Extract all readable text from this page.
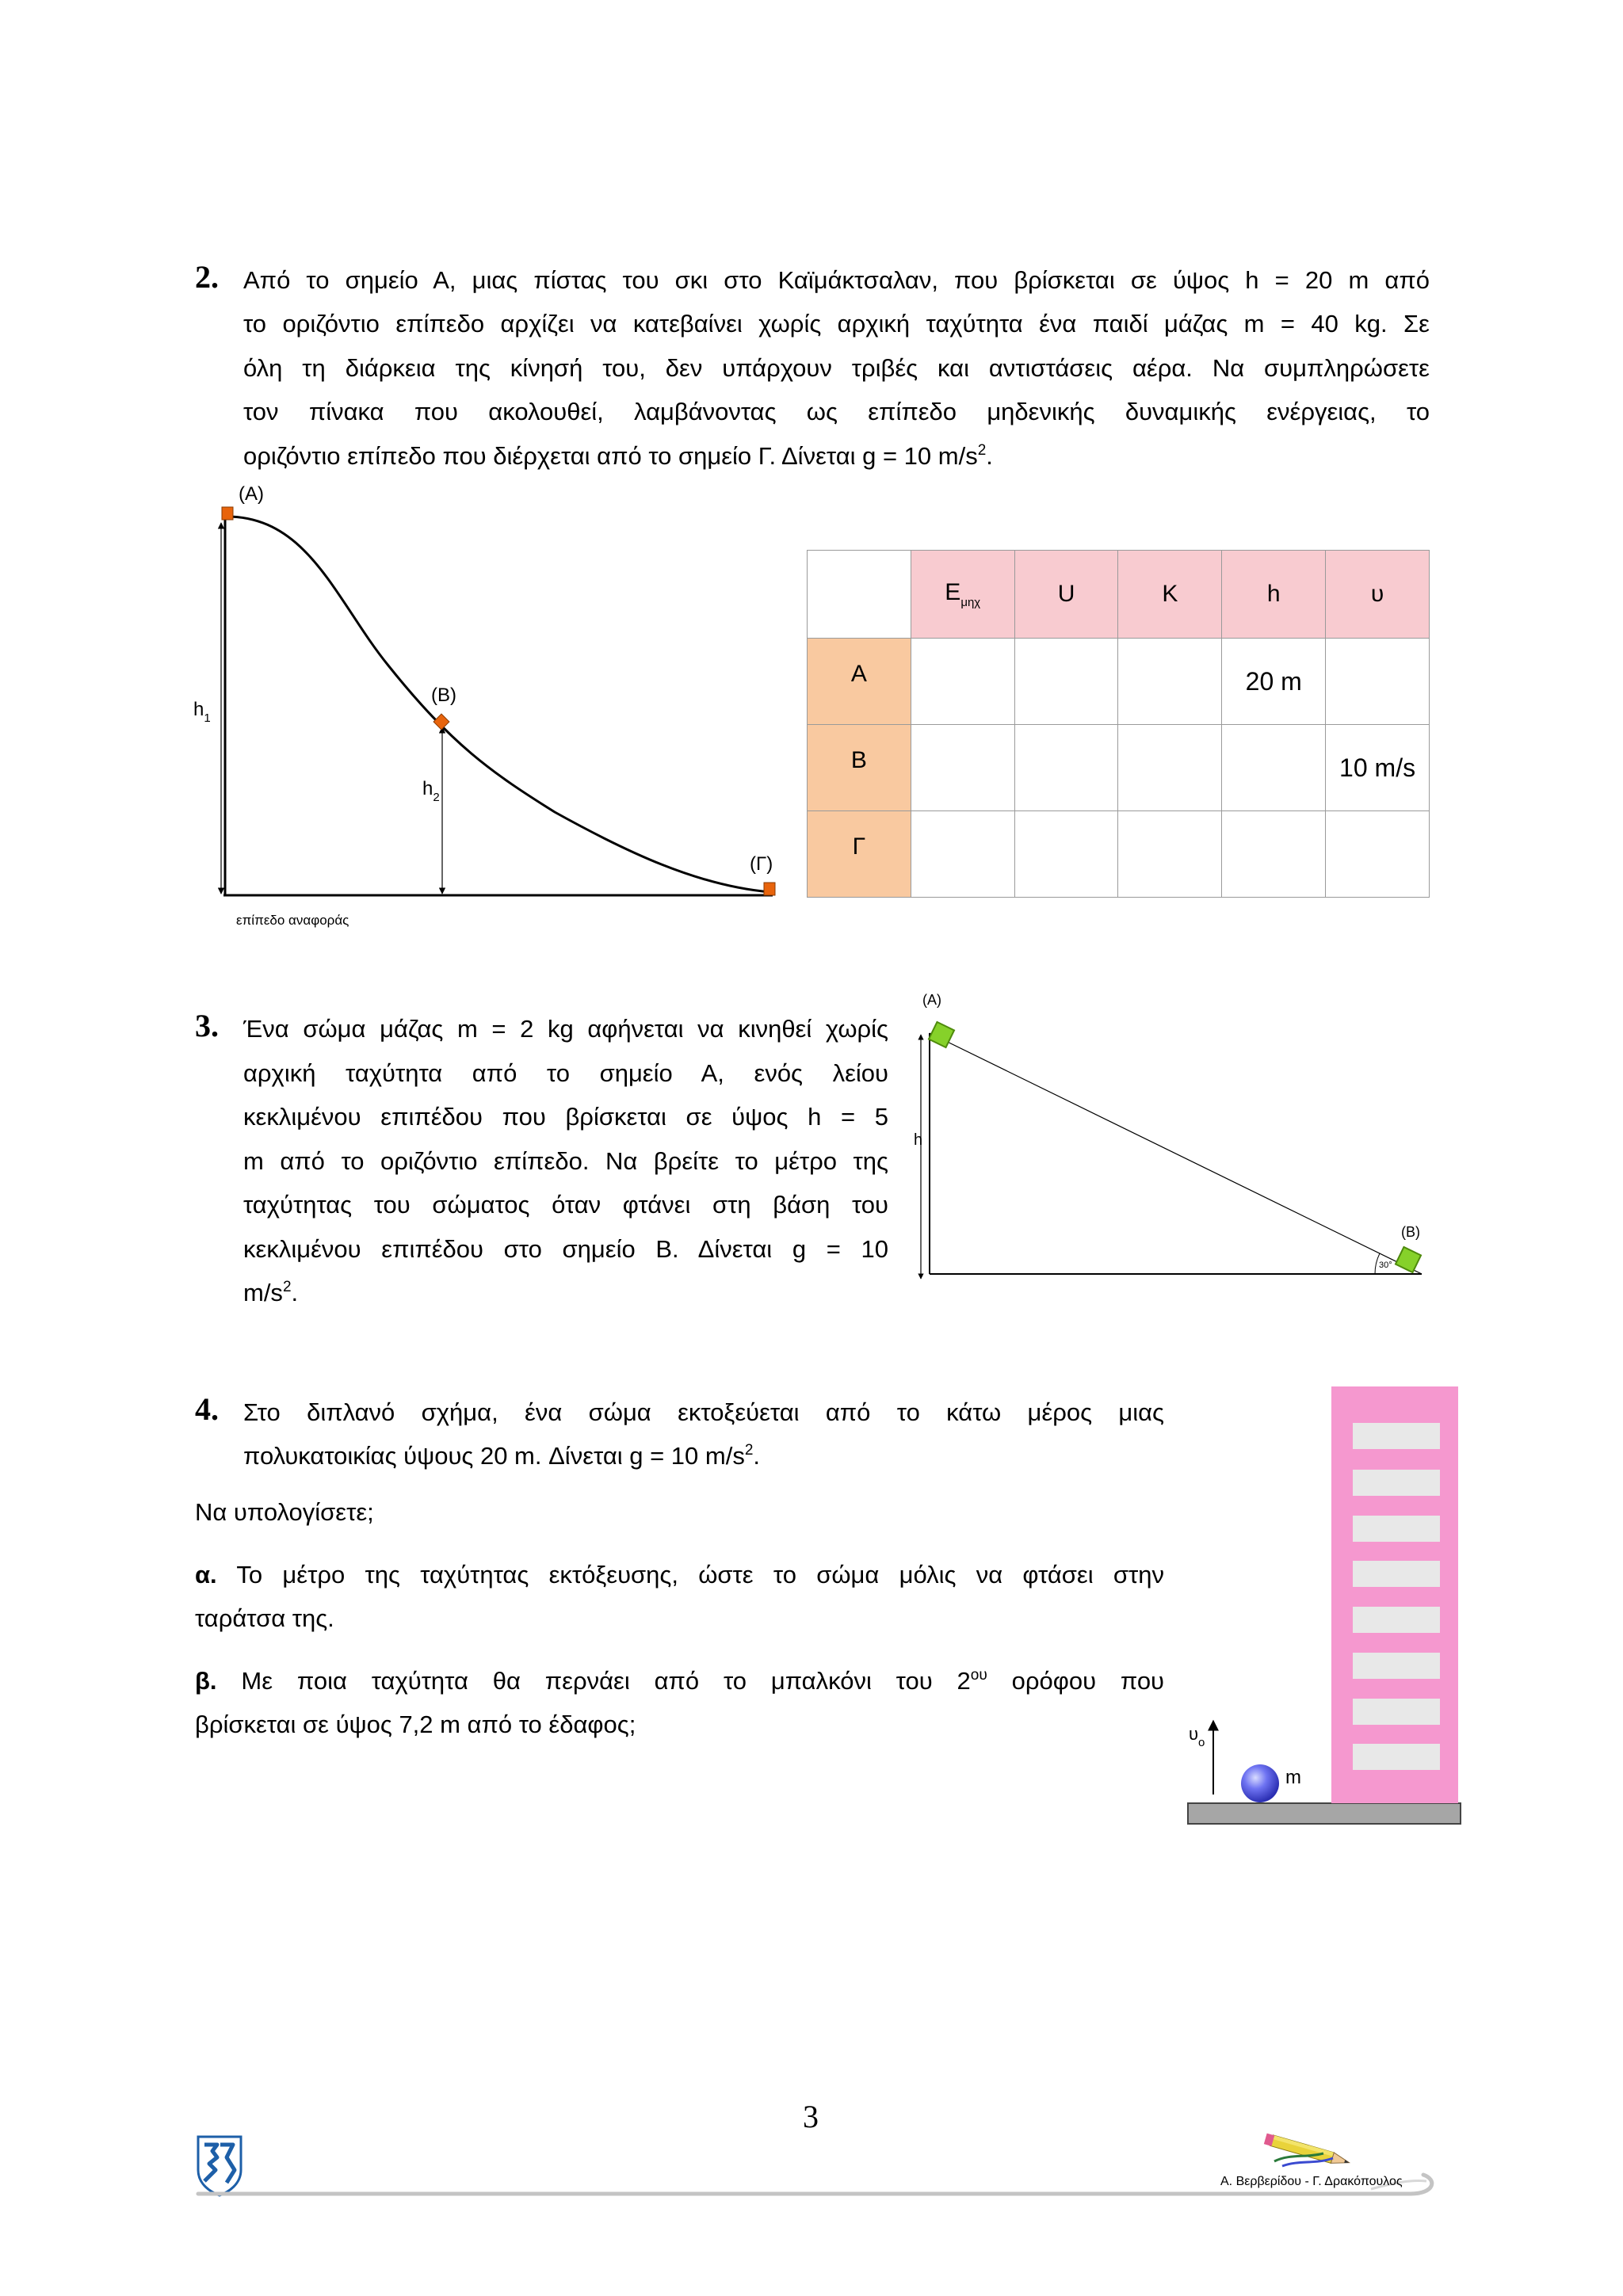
2. Από το σημείο Α, μιας πίστας του σκι στο Καϊμάκτσαλαν, που βρίσκεται σε ύψος h = 20 m από
το οριζόντιο επίπεδο αρχίζει να κατεβαίνει χωρίς αρχική ταχύτητα ένα παιδί μάζας m = 40 kg. Σε
όλη τη διάρκεια της κίνησή του, δεν υπάρχουν τριβές και αντιστάσεις αέρα. Να συμπληρώσετε
τον πίνακα που ακολουθεί, λαμβάνοντας ως επίπεδο μηδενικής δυναμικής ενέργειας, το
οριζόντιο επίπεδο που διέρχεται από το σημείο Γ. Δίνεται g = 10 $m/s^2$.
(Α)
(Β)
(Γ)
$h_1$
$h_2$
επίπεδο αναφοράς
	$E_{\mu\eta\chi}$	U	K	h	υ
Α				20 m	
Β					10 m/s
Γ					
3. Ένα σώμα μάζας m = 2 kg αφήνεται να κινηθεί χωρίς
αρχική ταχύτητα από το σημείο Α, ενός λείου
κεκλιμένου επιπέδου που βρίσκεται σε ύψος h = 5
m από το οριζόντιο επίπεδο. Να βρείτε το μέτρο της
ταχύτητας του σώματος όταν φτάνει στη βάση του
κεκλιμένου επιπέδου στο σημείο Β. Δίνεται g = 10
$m/s^2$.
(Α)
(Β)
h
30°
4. Στο διπλανό σχήμα, ένα σώμα εκτοξεύεται από το κάτω μέρος μιας
πολυκατοικίας ύψους 20 m. Δίνεται g = 10 $m/s^2$.
Να υπολογίσετε;
α. Το μέτρο της ταχύτητας εκτόξευσης, ώστε το σώμα μόλις να φτάσει στην
ταράτσα της.
β. Με ποια ταχύτητα θα περνάει από το μπαλκόνι του $2^{o\upsilon}$ ορόφου που
βρίσκεται σε ύψος 7,2 m από το έδαφος;	$\upsilon_o$
m
3
Α. Βερβερίδου - Γ. Δρακόπουλος
